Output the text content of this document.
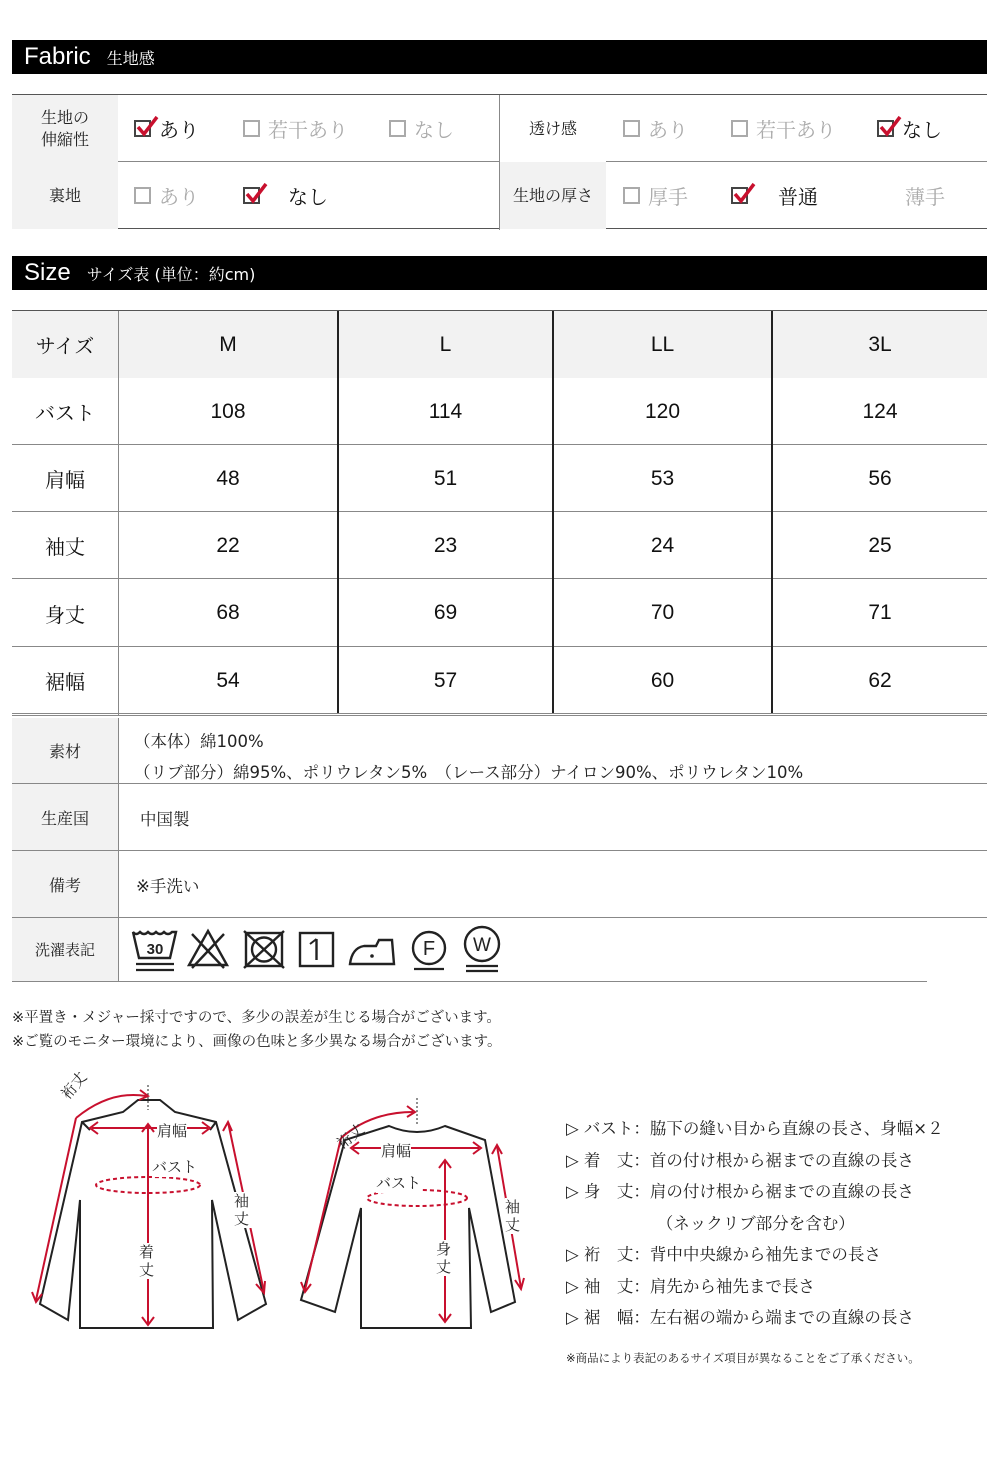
Fabric 生地感
生地の
伸縮性	あり	若干あり	なし	透け感	あり	若干あり	なし
裏地	あり	なし	生地の厚さ	厚手	普通	薄手
Size サイズ表 (単位：約cm)
サイズ	M	L	LL	3L
バスト	108	114	120	124
肩幅	48	51	53	56
袖丈	22	23	24	25
身丈	68	69	70	71
裾幅	54	57	60	62
素材
（本体）綿100%
（リブ部分）綿95%、ポリウレタン5%　（レース部分）ナイロン90%、ポリウレタン10%
生産国	中国製
備考	※手洗い
洗濯表記	30	F W
※平置き・メジャー採寸ですので、多少の誤差が生じる場合がございます。
※ご覧のモニター環境により、画像の色味と多少異なる場合がございます。
裄丈
肩幅
バスト
袖丈
着丈
裄丈 肩幅
バスト
袖丈
身丈
▷ バスト：脇下の縫い目から直線の長さ、身幅×２
▷ 着　丈：首の付け根から裾までの直線の長さ
▷ 身　丈：肩の付け根から裾までの直線の長さ
　　　　　　（ネックリブ部分を含む）
▷ 裄　丈：背中中央線から袖先までの長さ
▷ 袖　丈：肩先から袖先まで長さ
▷ 裾　幅：左右裾の端から端までの直線の長さ
※商品により表記のあるサイズ項目が異なることをご了承ください。
